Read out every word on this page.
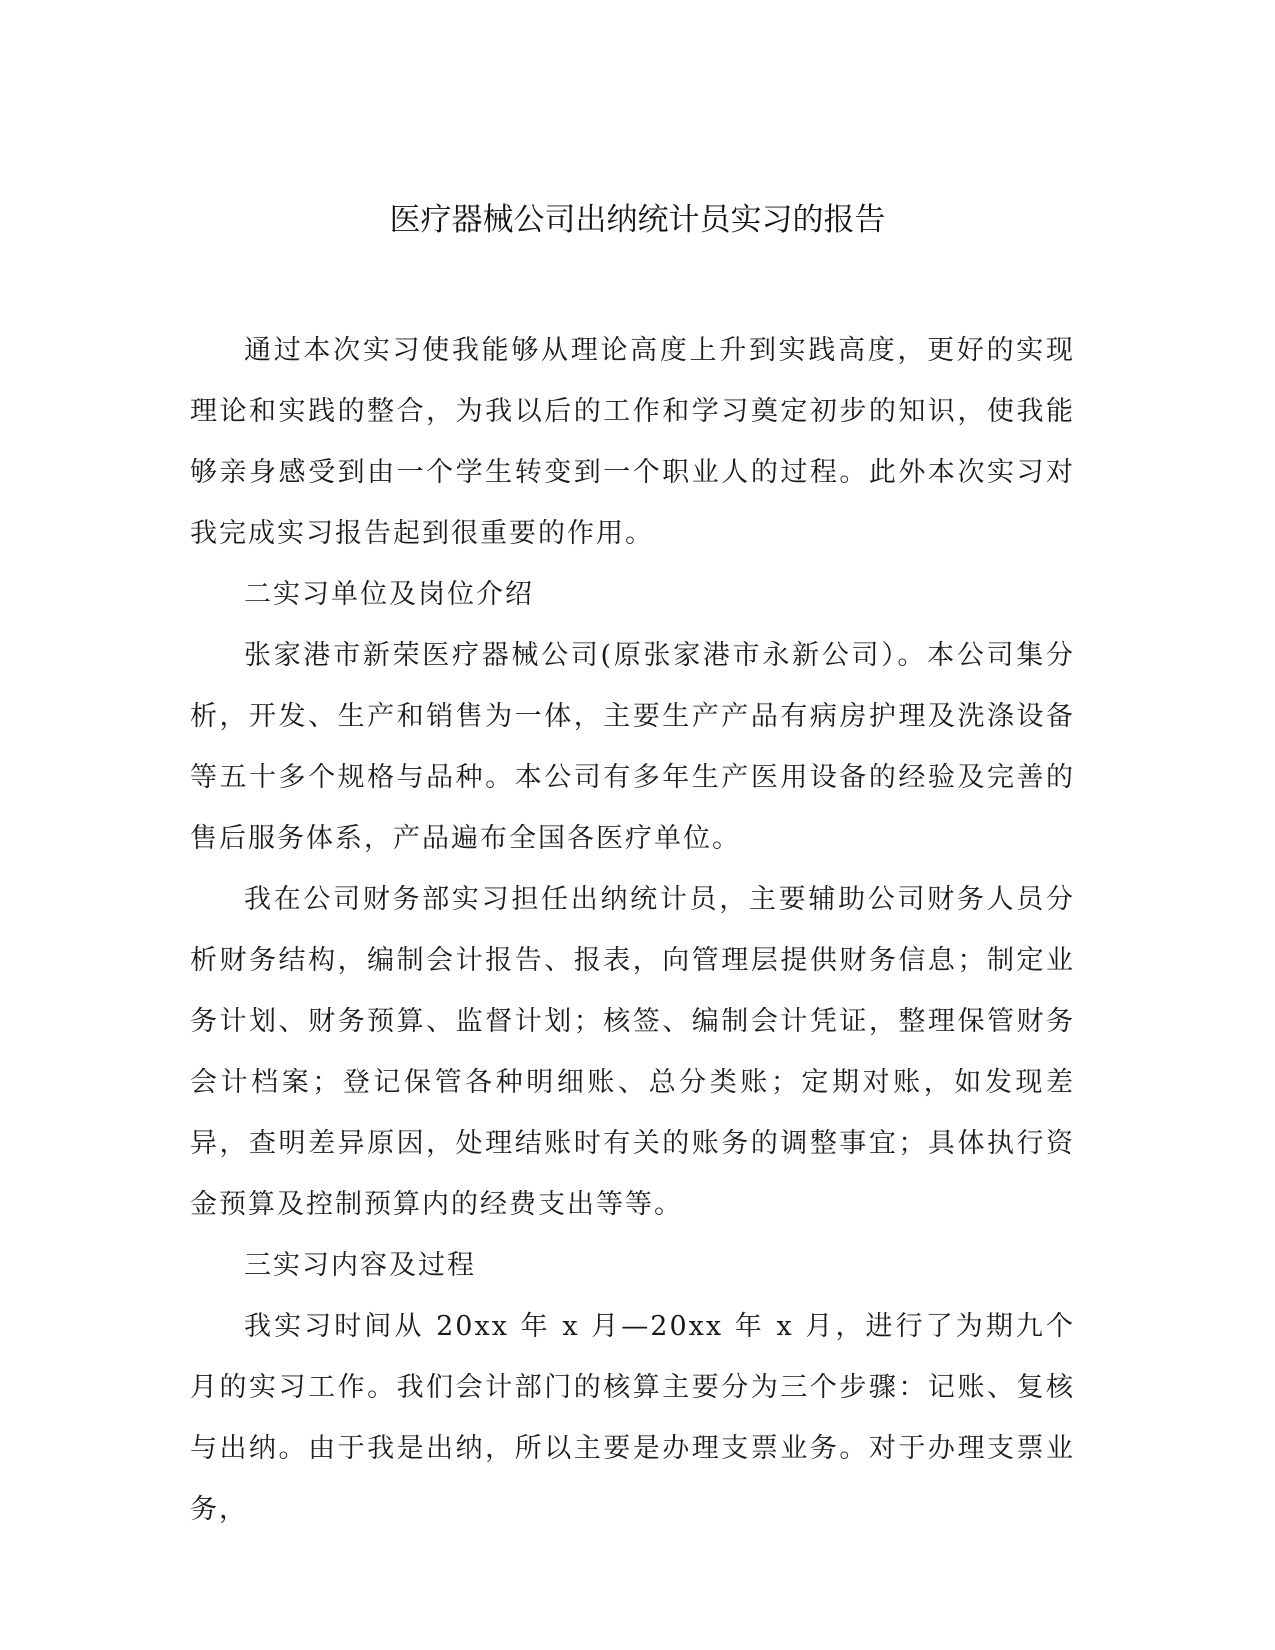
医疗器械公司出纳统计员实习的报告

通过本次实习使我能够从理论高度上升到实践高度，更好的实现理论和实践的整合，为我以后的工作和学习奠定初步的知识，使我能够亲身感受到由一个学生转变到一个职业人的过程。此外本次实习对我完成实习报告起到很重要的作用。

二实习单位及岗位介绍

张家港市新荣医疗器械公司(原张家港市永新公司）。本公司集分析，开发、生产和销售为一体，主要生产产品有病房护理及洗涤设备等五十多个规格与品种。本公司有多年生产医用设备的经验及完善的售后服务体系，产品遍布全国各医疗单位。

我在公司财务部实习担任出纳统计员，主要辅助公司财务人员分析财务结构，编制会计报告、报表，向管理层提供财务信息；制定业务计划、财务预算、监督计划；核签、编制会计凭证，整理保管财务会计档案；登记保管各种明细账、总分类账；定期对账，如发现差异，查明差异原因，处理结账时有关的账务的调整事宜；具体执行资金预算及控制预算内的经费支出等等。

三实习内容及过程

我实习时间从 20xx 年 x 月—20xx 年 x 月，进行了为期九个月的实习工作。我们会计部门的核算主要分为三个步骤：记账、复核与出纳。由于我是出纳，所以主要是办理支票业务。对于办理支票业务，
